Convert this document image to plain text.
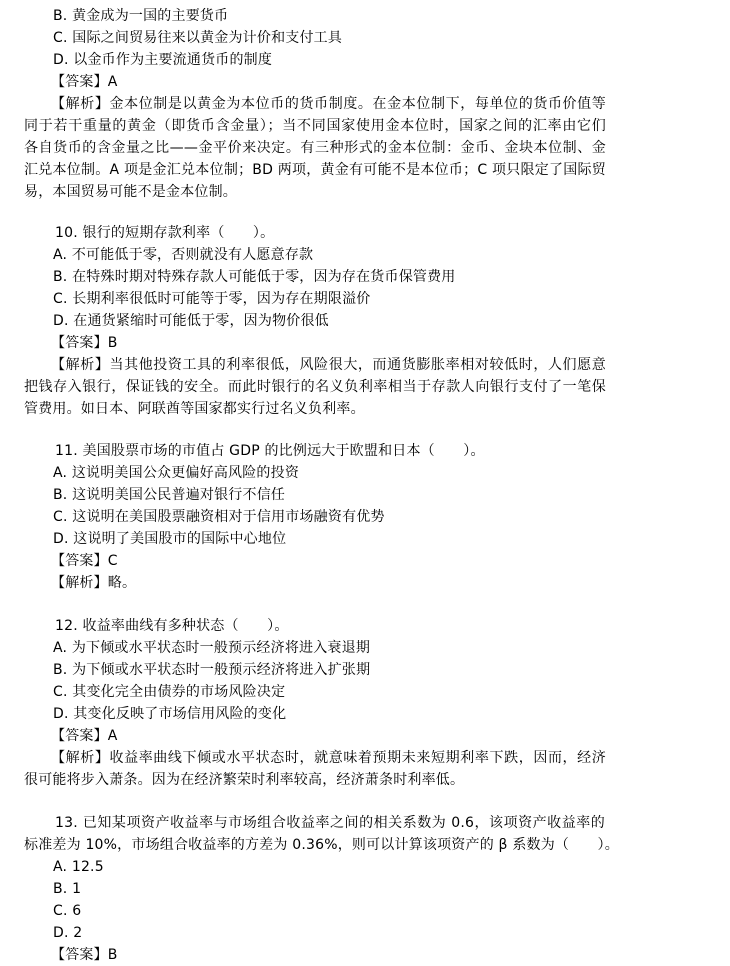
B. 黄金成为一国的主要货币
C. 国际之间贸易往来以黄金为计价和支付工具
D. 以金币作为主要流通货币的制度
【答案】A
【解析】金本位制是以黄金为本位币的货币制度。在金本位制下，每单位的货币价值等
同于若干重量的黄金（即货币含金量）；当不同国家使用金本位时，国家之间的汇率由它们
各自货币的含金量之比——金平价来决定。有三种形式的金本位制：金币、金块本位制、金
汇兑本位制。A 项是金汇兑本位制；BD 两项，黄金有可能不是本位币；C 项只限定了国际贸
易，本国贸易可能不是金本位制。
10. 银行的短期存款利率（　　）。
A. 不可能低于零，否则就没有人愿意存款
B. 在特殊时期对特殊存款人可能低于零，因为存在货币保管费用
C. 长期利率很低时可能等于零，因为存在期限溢价
D. 在通货紧缩时可能低于零，因为物价很低
【答案】B
【解析】当其他投资工具的利率很低，风险很大，而通货膨胀率相对较低时，人们愿意
把钱存入银行，保证钱的安全。而此时银行的名义负利率相当于存款人向银行支付了一笔保
管费用。如日本、阿联酋等国家都实行过名义负利率。
11. 美国股票市场的市值占 GDP 的比例远大于欧盟和日本（　　）。
A. 这说明美国公众更偏好高风险的投资
B. 这说明美国公民普遍对银行不信任
C. 这说明在美国股票融资相对于信用市场融资有优势
D. 这说明了美国股市的国际中心地位
【答案】C
【解析】略。
12. 收益率曲线有多种状态（　　）。
A. 为下倾或水平状态时一般预示经济将进入衰退期
B. 为下倾或水平状态时一般预示经济将进入扩张期
C. 其变化完全由债券的市场风险决定
D. 其变化反映了市场信用风险的变化
【答案】A
【解析】收益率曲线下倾或水平状态时，就意味着预期未来短期利率下跌，因而，经济
很可能将步入萧条。因为在经济繁荣时利率较高，经济萧条时利率低。
13. 已知某项资产收益率与市场组合收益率之间的相关系数为 0.6，该项资产收益率的
标准差为 10%，市场组合收益率的方差为 0.36%，则可以计算该项资产的 β 系数为（　　）。
A. 12.5
B. 1
C. 6
D. 2
【答案】B
